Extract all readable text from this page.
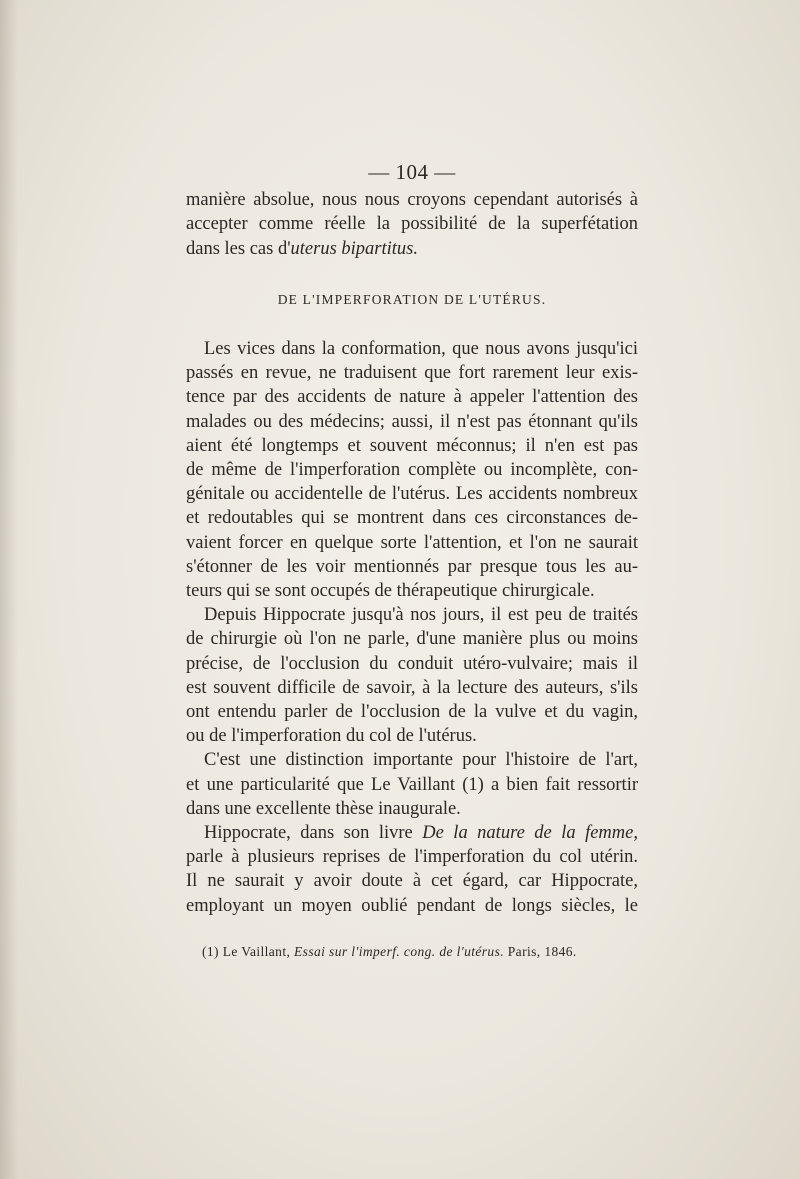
— 104 —
manière absolue, nous nous croyons cependant autorisés à
accepter comme réelle la possibilité de la superfétation
dans les cas d'uterus bipartitus.
DE L'IMPERFORATION DE L'UTÉRUS.
Les vices dans la conformation, que nous avons jusqu'ici
passés en revue, ne traduisent que fort rarement leur exis-
tence par des accidents de nature à appeler l'attention des
malades ou des médecins; aussi, il n'est pas étonnant qu'ils
aient été longtemps et souvent méconnus; il n'en est pas
de même de l'imperforation complète ou incomplète, con-
génitale ou accidentelle de l'utérus. Les accidents nombreux
et redoutables qui se montrent dans ces circonstances de-
vaient forcer en quelque sorte l'attention, et l'on ne saurait
s'étonner de les voir mentionnés par presque tous les au-
teurs qui se sont occupés de thérapeutique chirurgicale.
Depuis Hippocrate jusqu'à nos jours, il est peu de traités
de chirurgie où l'on ne parle, d'une manière plus ou moins
précise, de l'occlusion du conduit utéro-vulvaire; mais il
est souvent difficile de savoir, à la lecture des auteurs, s'ils
ont entendu parler de l'occlusion de la vulve et du vagin,
ou de l'imperforation du col de l'utérus.
C'est une distinction importante pour l'histoire de l'art,
et une particularité que Le Vaillant (1) a bien fait ressortir
dans une excellente thèse inaugurale.
Hippocrate, dans son livre De la nature de la femme,
parle à plusieurs reprises de l'imperforation du col utérin.
Il ne saurait y avoir doute à cet égard, car Hippocrate,
employant un moyen oublié pendant de longs siècles, le
(1) Le Vaillant, Essai sur l'imperf. cong. de l'utérus. Paris, 1846.
